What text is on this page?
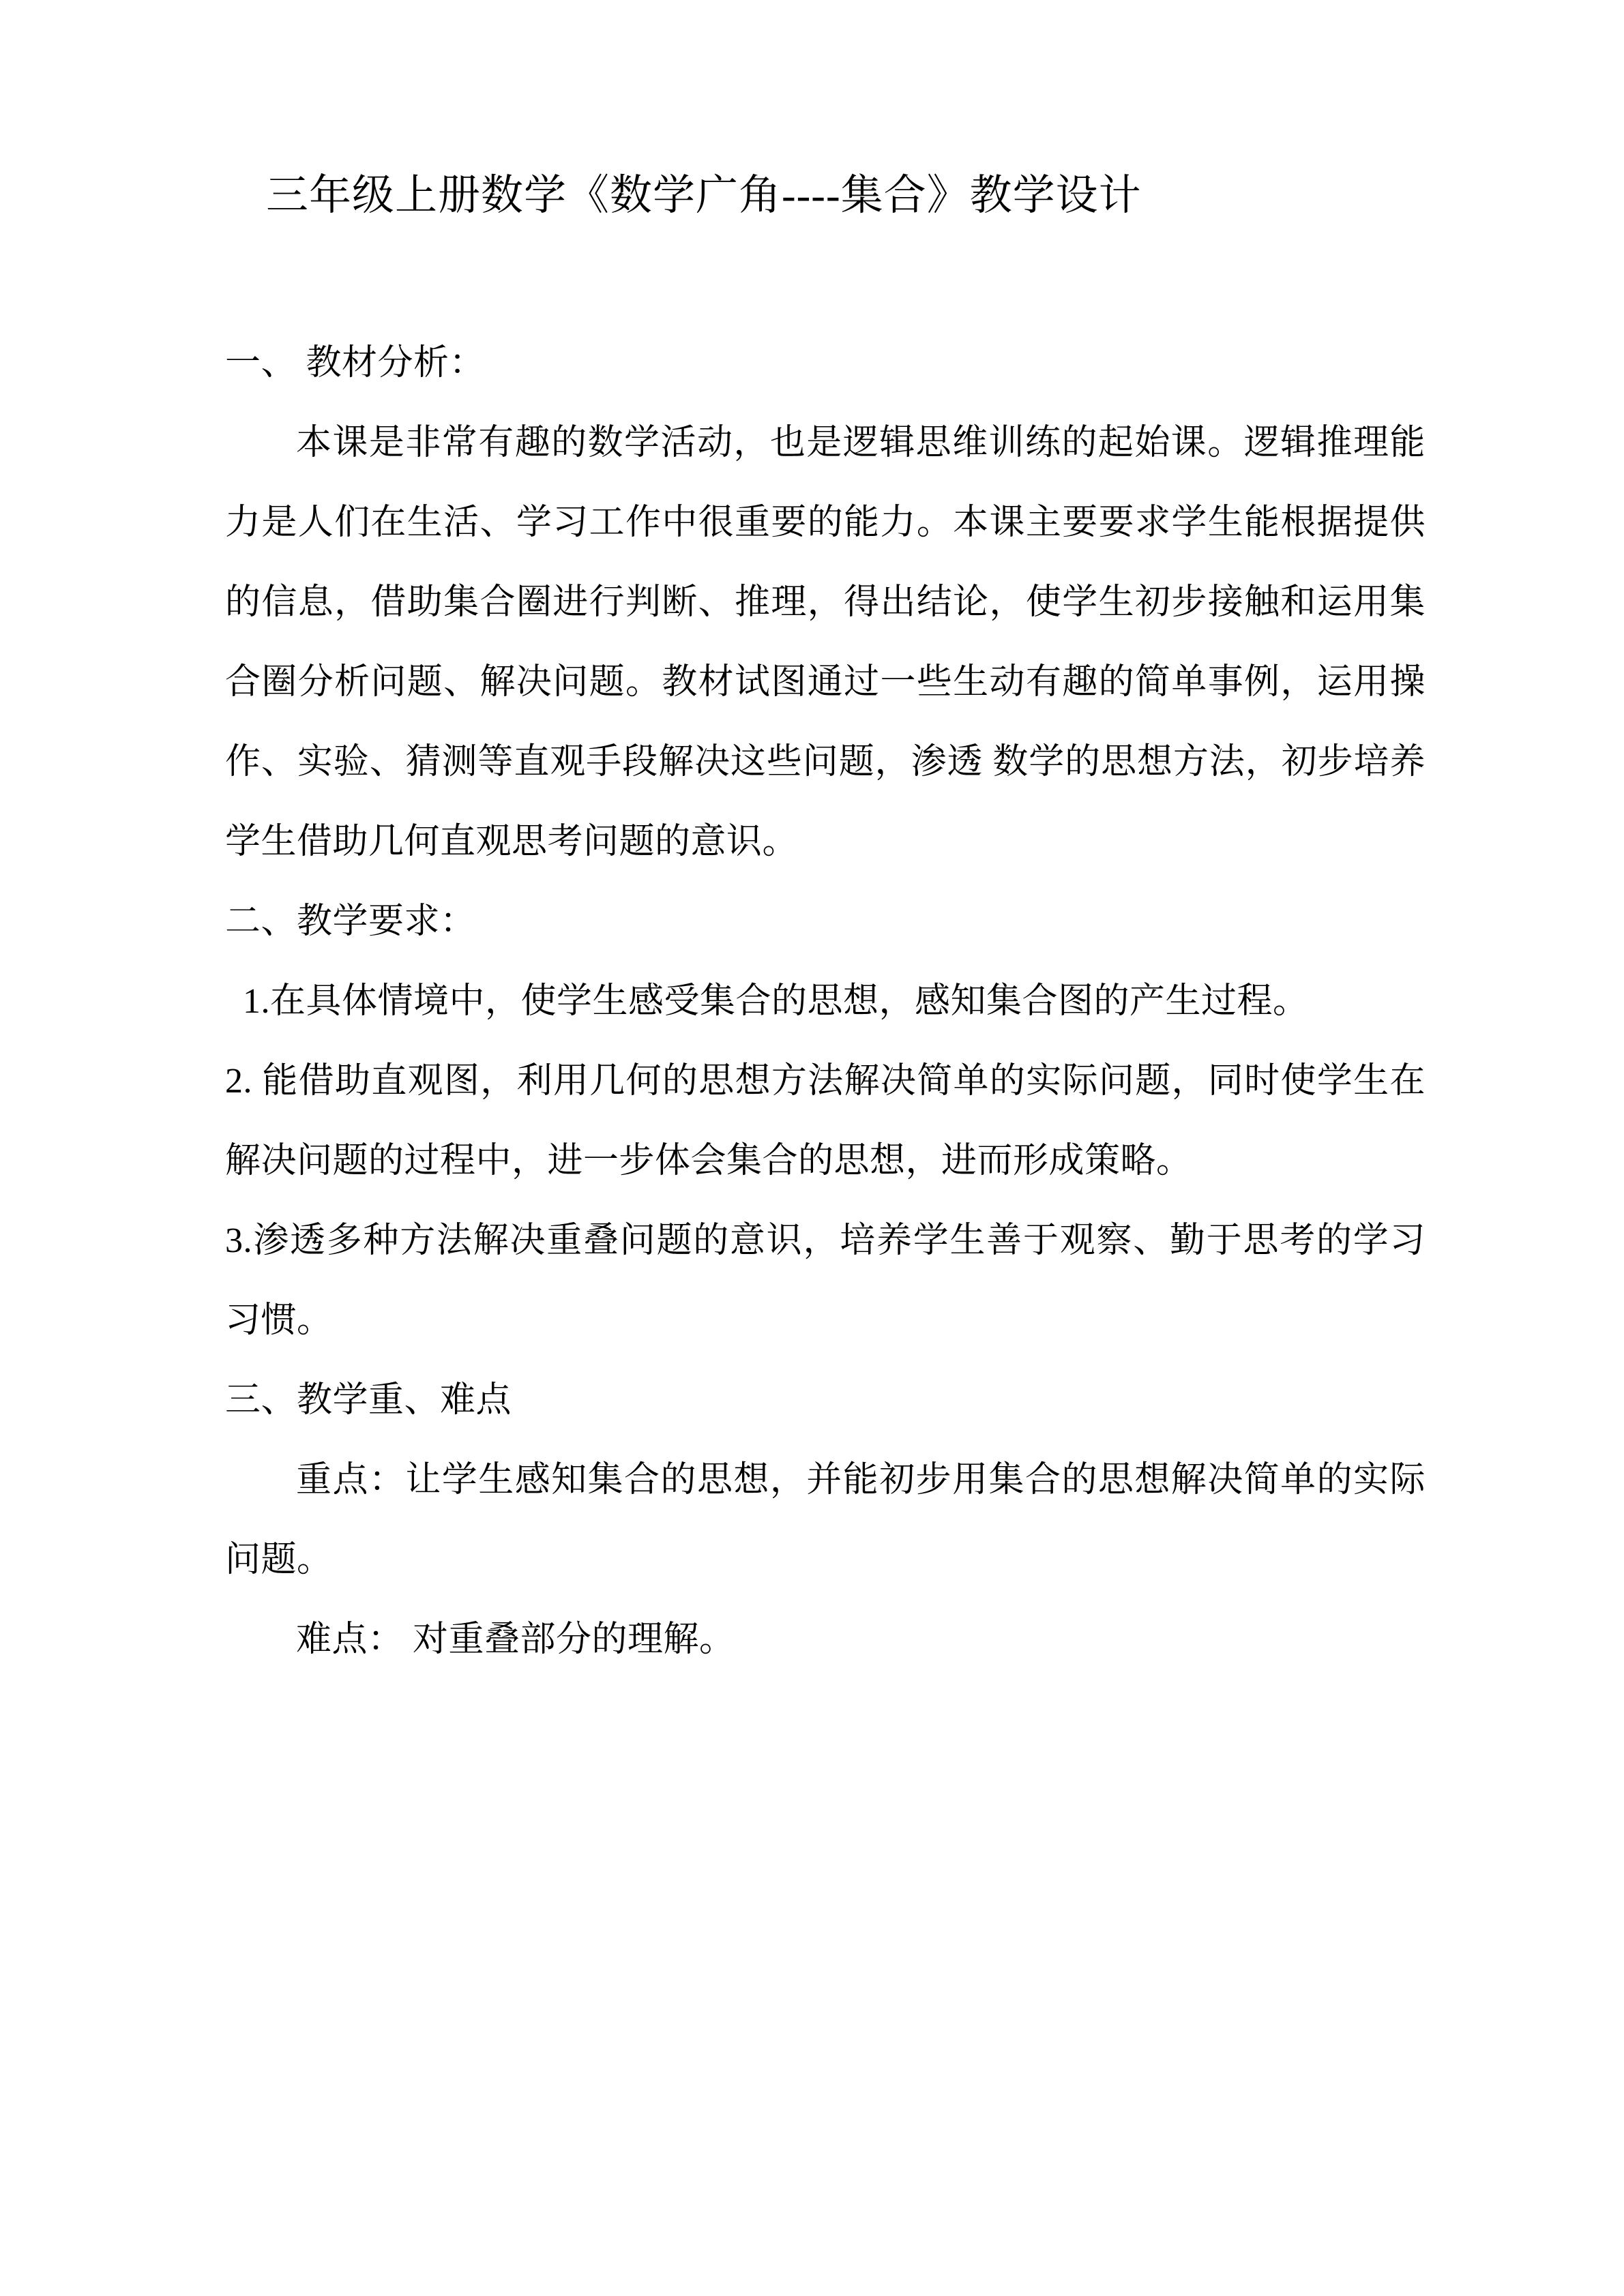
三年级上册数学《数学广角----集合》教学设计

一、 教材分析：

本课是非常有趣的数学活动，也是逻辑思维训练的起始课。逻辑推理能力是人们在生活、学习工作中很重要的能力。本课主要要求学生能根据提供的信息，借助集合圈进行判断、推理，得出结论，使学生初步接触和运用集合圈分析问题、解决问题。教材试图通过一些生动有趣的简单事例，运用操作、实验、猜测等直观手段解决这些问题，渗透 数学的思想方法，初步培养学生借助几何直观思考问题的意识。

二、教学要求：

1.在具体情境中，使学生感受集合的思想，感知集合图的产生过程。

2. 能借助直观图，利用几何的思想方法解决简单的实际问题，同时使学生在解决问题的过程中，进一步体会集合的思想，进而形成策略。

3.渗透多种方法解决重叠问题的意识，培养学生善于观察、勤于思考的学习习惯。

三、教学重、难点

重点：让学生感知集合的思想，并能初步用集合的思想解决简单的实际问题。

难点： 对重叠部分的理解。
